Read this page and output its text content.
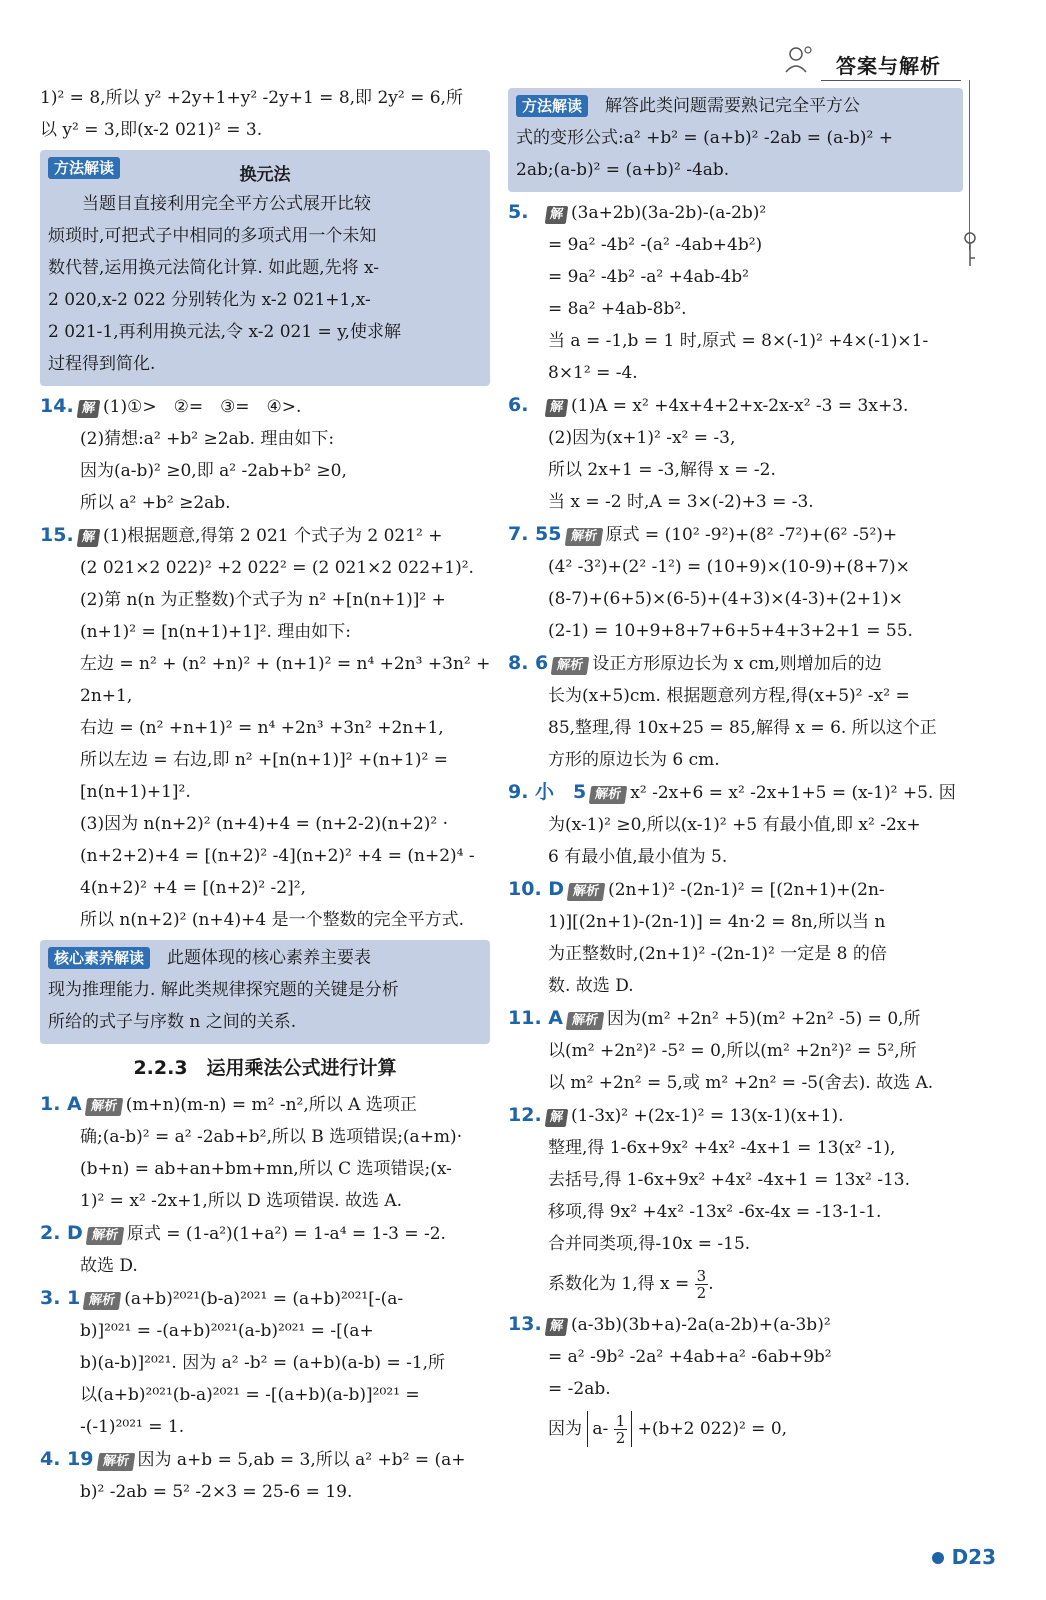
答案与解析
1)² = 8,所以 y² +2y+1+y² -2y+1 = 8,即 2y² = 6,所
以 y² = 3,即(x-2 021)² = 3.
方法解读	换元法

　　当题目直接利用完全平方公式展开比较

烦琐时,可把式子中相同的多项式用一个未知

数代替,运用换元法简化计算. 如此题,先将 x-

2 020,x-2 022 分别转化为 x-2 021+1,x-

2 021-1,再利用换元法,令 x-2 021 = y,使求解

过程得到简化.

14. 解 (1)①>　②=　③=　④>.
(2)猜想:a² +b² ≥2ab. 理由如下:
因为(a-b)² ≥0,即 a² -2ab+b² ≥0,
所以 a² +b² ≥2ab.
15. 解 (1)根据题意,得第 2 021 个式子为 2 021² +
(2 021×2 022)² +2 022² = (2 021×2 022+1)².
(2)第 n(n 为正整数)个式子为 n² +[n(n+1)]² +
(n+1)² = [n(n+1)+1]². 理由如下:
左边 = n² + (n² +n)² + (n+1)² = n⁴ +2n³ +3n² +
2n+1,
右边 = (n² +n+1)² = n⁴ +2n³ +3n² +2n+1,
所以左边 = 右边,即 n² +[n(n+1)]² +(n+1)² =
[n(n+1)+1]².
(3)因为 n(n+2)² (n+4)+4 = (n+2-2)(n+2)² ·
(n+2+2)+4 = [(n+2)² -4](n+2)² +4 = (n+2)⁴ -
4(n+2)² +4 = [(n+2)² -2]²,
所以 n(n+2)² (n+4)+4 是一个整数的完全平方式.

核心素养解读　 此题体现的核心素养主要表

现为推理能力. 解此类规律探究题的关键是分析

所给的式子与序数 n 之间的关系.

2.2.3　运用乘法公式进行计算
1. A 解析 (m+n)(m-n) = m² -n²,所以 A 选项正
确;(a-b)² = a² -2ab+b²,所以 B 选项错误;(a+m)·
(b+n) = ab+an+bm+mn,所以 C 选项错误;(x-
1)² = x² -2x+1,所以 D 选项错误. 故选 A.
2. D 解析 原式 = (1-a²)(1+a²) = 1-a⁴ = 1-3 = -2.
故选 D.
3. 1 解析 (a+b)²⁰²¹(b-a)²⁰²¹ = (a+b)²⁰²¹[-(a-
b)]²⁰²¹ = -(a+b)²⁰²¹(a-b)²⁰²¹ = -[(a+
b)(a-b)]²⁰²¹. 因为 a² -b² = (a+b)(a-b) = -1,所
以(a+b)²⁰²¹(b-a)²⁰²¹ = -[(a+b)(a-b)]²⁰²¹ =
-(-1)²⁰²¹ = 1.
4. 19 解析 因为 a+b = 5,ab = 3,所以 a² +b² = (a+
b)² -2ab = 5² -2×3 = 25-6 = 19.

方法解读　 解答此类问题需要熟记完全平方公

式的变形公式:a² +b² = (a+b)² -2ab = (a-b)² +

2ab;(a-b)² = (a+b)² -4ab.

5. 解 (3a+2b)(3a-2b)-(a-2b)²
= 9a² -4b² -(a² -4ab+4b²)
= 9a² -4b² -a² +4ab-4b²
= 8a² +4ab-8b².
当 a = -1,b = 1 时,原式 = 8×(-1)² +4×(-1)×1-
8×1² = -4.
6. 解 (1)A = x² +4x+4+2+x-2x-x² -3 = 3x+3.
(2)因为(x+1)² -x² = -3,
所以 2x+1 = -3,解得 x = -2.
当 x = -2 时,A = 3×(-2)+3 = -3.
7. 55 解析 原式 = (10² -9²)+(8² -7²)+(6² -5²)+
(4² -3²)+(2² -1²) = (10+9)×(10-9)+(8+7)×
(8-7)+(6+5)×(6-5)+(4+3)×(4-3)+(2+1)×
(2-1) = 10+9+8+7+6+5+4+3+2+1 = 55.
8. 6 解析 设正方形原边长为 x cm,则增加后的边
长为(x+5)cm. 根据题意列方程,得(x+5)² -x² =
85,整理,得 10x+25 = 85,解得 x = 6. 所以这个正
方形的原边长为 6 cm.
9. 小　5 解析 x² -2x+6 = x² -2x+1+5 = (x-1)² +5. 因
为(x-1)² ≥0,所以(x-1)² +5 有最小值,即 x² -2x+
6 有最小值,最小值为 5.
10. D 解析 (2n+1)² -(2n-1)² = [(2n+1)+(2n-
1)][(2n+1)-(2n-1)] = 4n·2 = 8n,所以当 n
为正整数时,(2n+1)² -(2n-1)² 一定是 8 的倍
数. 故选 D.
11. A 解析 因为(m² +2n² +5)(m² +2n² -5) = 0,所
以(m² +2n²)² -5² = 0,所以(m² +2n²)² = 5²,所
以 m² +2n² = 5,或 m² +2n² = -5(舍去). 故选 A.
12. 解 (1-3x)² +(2x-1)² = 13(x-1)(x+1).
整理,得 1-6x+9x² +4x² -4x+1 = 13(x² -1),
去括号,得 1-6x+9x² +4x² -4x+1 = 13x² -13.
移项,得 9x² +4x² -13x² -6x-4x = -13-1-1.
合并同类项,得-10x = -15.
系数化为 1,得 $x = \frac{3}{2}$ .
13. 解 (a-3b)(3b+a)-2a(a-2b)+(a-3b)²
= a² -9b² -2a² +4ab+a² -6ab+9b²
= -2ab.
因为 $a- \frac{1}{2} +(b+2$ 022)² = 0,
D23
